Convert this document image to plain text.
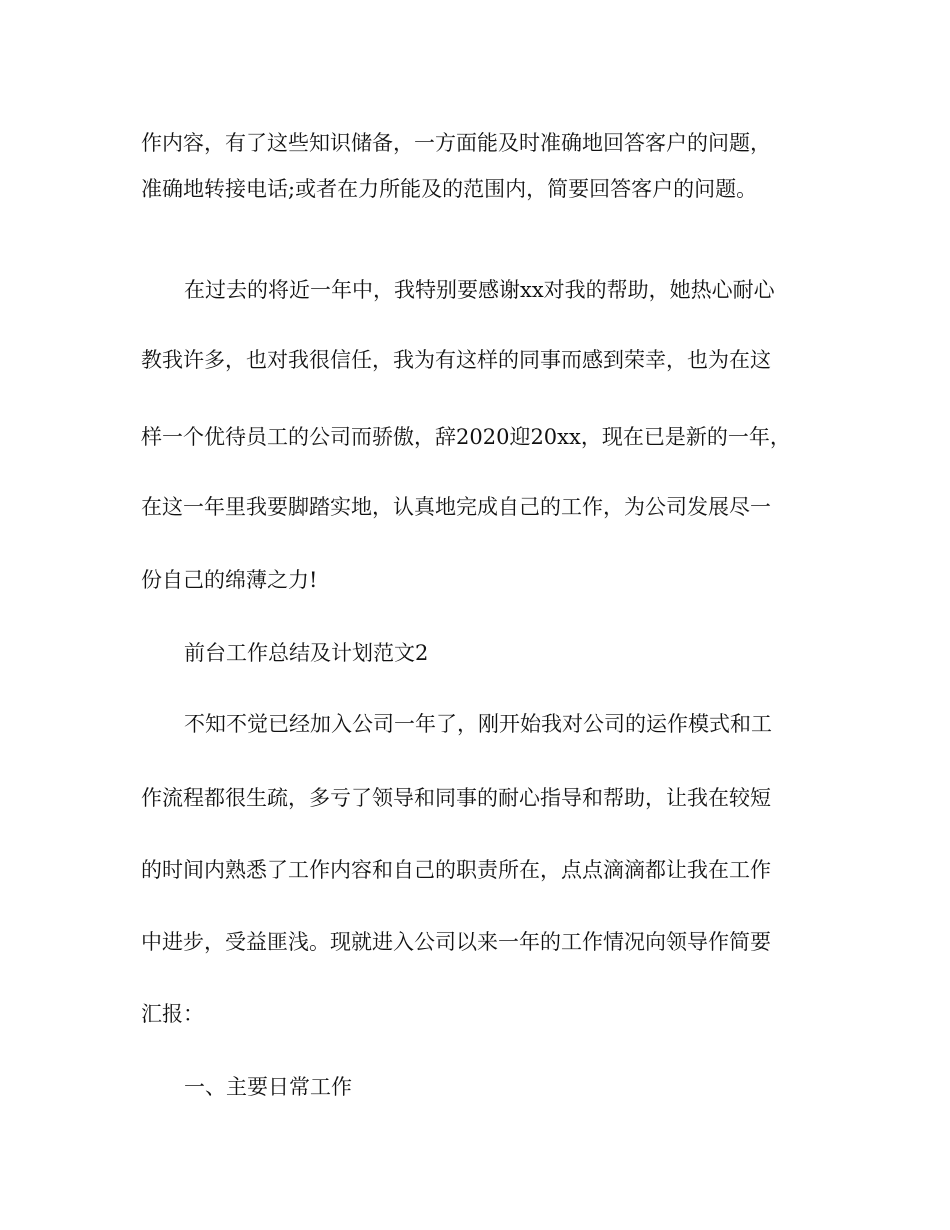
作内容，有了这些知识储备，一方面能及时准确地回答客户的问题，
准确地转接电话;或者在力所能及的范围内，简要回答客户的问题。
在过去的将近一年中，我特别要感谢xx对我的帮助，她热心耐心
教我许多，也对我很信任，我为有这样的同事而感到荣幸，也为在这
样一个优待员工的公司而骄傲，辞2020迎20xx，现在已是新的一年，
在这一年里我要脚踏实地，认真地完成自己的工作，为公司发展尽一
份自己的绵薄之力!
前台工作总结及计划范文2
不知不觉已经加入公司一年了，刚开始我对公司的运作模式和工
作流程都很生疏，多亏了领导和同事的耐心指导和帮助，让我在较短
的时间内熟悉了工作内容和自己的职责所在，点点滴滴都让我在工作
中进步，受益匪浅。现就进入公司以来一年的工作情况向领导作简要
汇报：
一、主要日常工作
